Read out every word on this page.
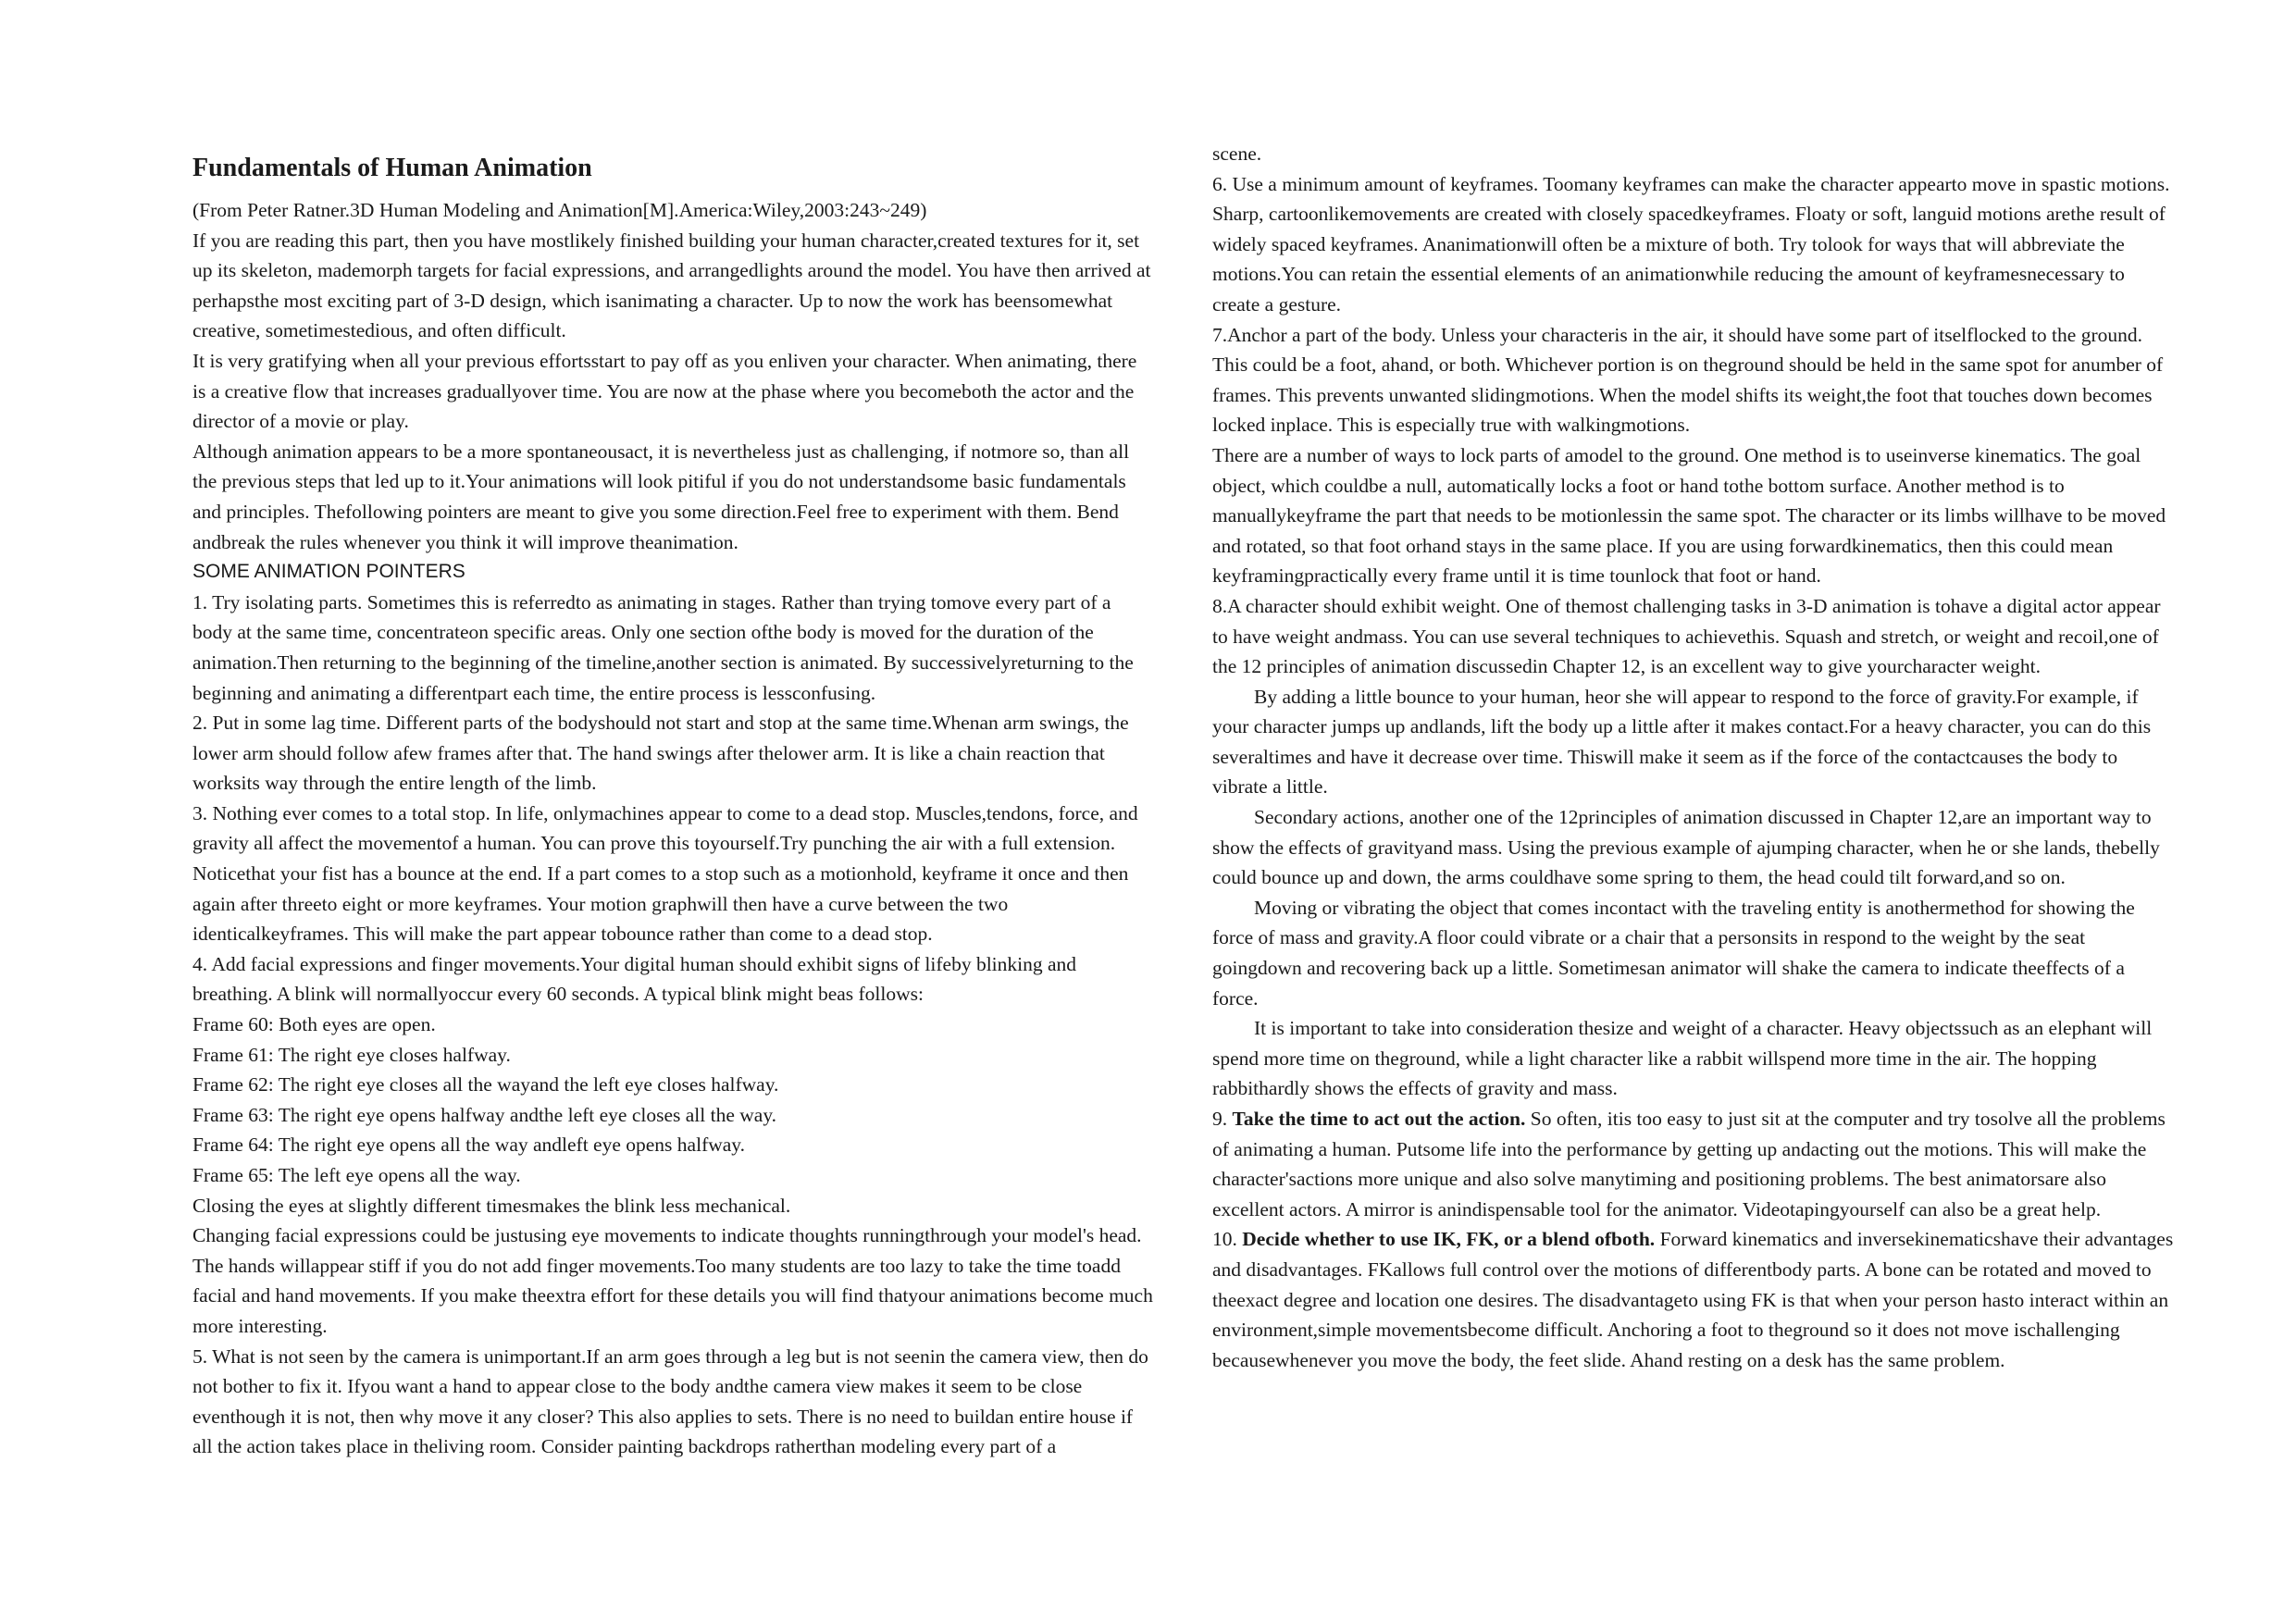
Fundamentals of Human Animation

(From Peter Ratner.3D Human Modeling and Animation[M].America:Wiley,2003:243~249)

If you are reading this part, then you have mostlikely finished building your human character,created textures for it, set up its skeleton, mademorph targets for facial expressions, and arrangedlights around the model. You have then arrived at perhapsthe most exciting part of 3-D design, which isanimating a character. Up to now the work has beensomewhat creative, sometimestedious, and often difficult.

It is very gratifying when all your previous effortsstart to pay off as you enliven your character. When animating, there is a creative flow that increases graduallyover time. You are now at the phase where you becomeboth the actor and the director of a movie or play.

Although animation appears to be a more spontaneousact, it is nevertheless just as challenging, if notmore so, than all the previous steps that led up to it.Your animations will look pitiful if you do not understandsome basic fundamentals and principles. Thefollowing pointers are meant to give you some direction.Feel free to experiment with them. Bend andbreak the rules whenever you think it will improve theanimation.

SOME ANIMATION POINTERS

1. Try isolating parts. Sometimes this is referredto as animating in stages. Rather than trying tomove every part of a body at the same time, concentrateon specific areas. Only one section ofthe body is moved for the duration of the animation.Then returning to the beginning of the timeline,another section is animated. By successivelyreturning to the beginning and animating a differentpart each time, the entire process is lessconfusing.

2. Put in some lag time. Different parts of the bodyshould not start and stop at the same time.Whenan arm swings, the lower arm should follow afew frames after that. The hand swings after thelower arm. It is like a chain reaction that worksits way through the entire length of the limb.

3. Nothing ever comes to a total stop. In life, onlymachines appear to come to a dead stop. Muscles,tendons, force, and gravity all affect the movementof a human. You can prove this toyourself.Try punching the air with a full extension. Noticethat your fist has a bounce at the end. If a part comes to a stop such as a motionhold, keyframe it once and then again after threeto eight or more keyframes. Your motion graphwill then have a curve between the two identicalkeyframes. This will make the part appear tobounce rather than come to a dead stop.

4. Add facial expressions and finger movements.Your digital human should exhibit signs of lifeby blinking and breathing. A blink will normallyoccur every 60 seconds. A typical blink might beas follows:

Frame 60: Both eyes are open.

Frame 61: The right eye closes halfway.

Frame 62: The right eye closes all the wayand the left eye closes halfway.

Frame 63: The right eye opens halfway andthe left eye closes all the way.

Frame 64: The right eye opens all the way andleft eye opens halfway.

Frame 65: The left eye opens all the way.

Closing the eyes at slightly different timesmakes the blink less mechanical.

Changing facial expressions could be justusing eye movements to indicate thoughts runningthrough your model's head. The hands willappear stiff if you do not add finger movements.Too many students are too lazy to take the time toadd facial and hand movements. If you make theextra effort for these details you will find thatyour animations become much more interesting.

5. What is not seen by the camera is unimportant.If an arm goes through a leg but is not seenin the camera view, then do not bother to fix it. Ifyou want a hand to appear close to the body andthe camera view makes it seem to be close eventhough it is not, then why move it any closer? This also applies to sets. There is no need to buildan entire house if all the action takes place in theliving room. Consider painting backdrops ratherthan modeling every part of a

scene.

6. Use a minimum amount of keyframes. Toomany keyframes can make the character appearto move in spastic motions. Sharp, cartoonlikemovements are created with closely spacedkeyframes. Floaty or soft, languid motions arethe result of widely spaced keyframes. Ananimationwill often be a mixture of both. Try tolook for ways that will abbreviate the motions.You can retain the essential elements of an animationwhile reducing the amount of keyframesnecessary to create a gesture.

7.Anchor a part of the body. Unless your characteris in the air, it should have some part of itselflocked to the ground. This could be a foot, ahand, or both. Whichever portion is on theground should be held in the same spot for anumber of frames. This prevents unwanted slidingmotions. When the model shifts its weight,the foot that touches down becomes locked inplace. This is especially true with walkingmotions.

There are a number of ways to lock parts of amodel to the ground. One method is to useinverse kinematics. The goal object, which couldbe a null, automatically locks a foot or hand tothe bottom surface. Another method is to manuallykeyframe the part that needs to be motionlessin the same spot. The character or its limbs willhave to be moved and rotated, so that foot orhand stays in the same place. If you are using forwardkinematics, then this could mean keyframingpractically every frame until it is time tounlock that foot or hand.

8.A character should exhibit weight. One of themost challenging tasks in 3-D animation is tohave a digital actor appear to have weight andmass. You can use several techniques to achievethis. Squash and stretch, or weight and recoil,one of the 12 principles of animation discussedin Chapter 12, is an excellent way to give yourcharacter weight.

By adding a little bounce to your human, heor she will appear to respond to the force of gravity.For example, if your character jumps up andlands, lift the body up a little after it makes contact.For a heavy character, you can do this severaltimes and have it decrease over time. Thiswill make it seem as if the force of the contactcauses the body to vibrate a little.

Secondary actions, another one of the 12principles of animation discussed in Chapter 12,are an important way to show the effects of gravityand mass. Using the previous example of ajumping character, when he or she lands, thebelly could bounce up and down, the arms couldhave some spring to them, the head could tilt forward,and so on.

Moving or vibrating the object that comes incontact with the traveling entity is anothermethod for showing the force of mass and gravity.A floor could vibrate or a chair that a personsits in respond to the weight by the seat goingdown and recovering back up a little. Sometimesan animator will shake the camera to indicate theeffects of a force.

It is important to take into consideration thesize and weight of a character. Heavy objectssuch as an elephant will spend more time on theground, while a light character like a rabbit willspend more time in the air. The hopping rabbithardly shows the effects of gravity and mass.

9. Take the time to act out the action. So often, itis too easy to just sit at the computer and try tosolve all the problems of animating a human. Putsome life into the performance by getting up andacting out the motions. This will make the character'sactions more unique and also solve manytiming and positioning problems. The best animatorsare also excellent actors. A mirror is anindispensable tool for the animator. Videotapingyourself can also be a great help.

10. Decide whether to use IK, FK, or a blend ofboth. Forward kinematics and inversekinematicshave their advantages and disadvantages. FKallows full control over the motions of differentbody parts. A bone can be rotated and moved to theexact degree and location one desires. The disadvantageto using FK is that when your person hasto interact within an environment,simple movementsbecome difficult. Anchoring a foot to theground so it does not move ischallenging becausewhenever you move the body, the feet slide. Ahand resting on a desk has the same problem.
